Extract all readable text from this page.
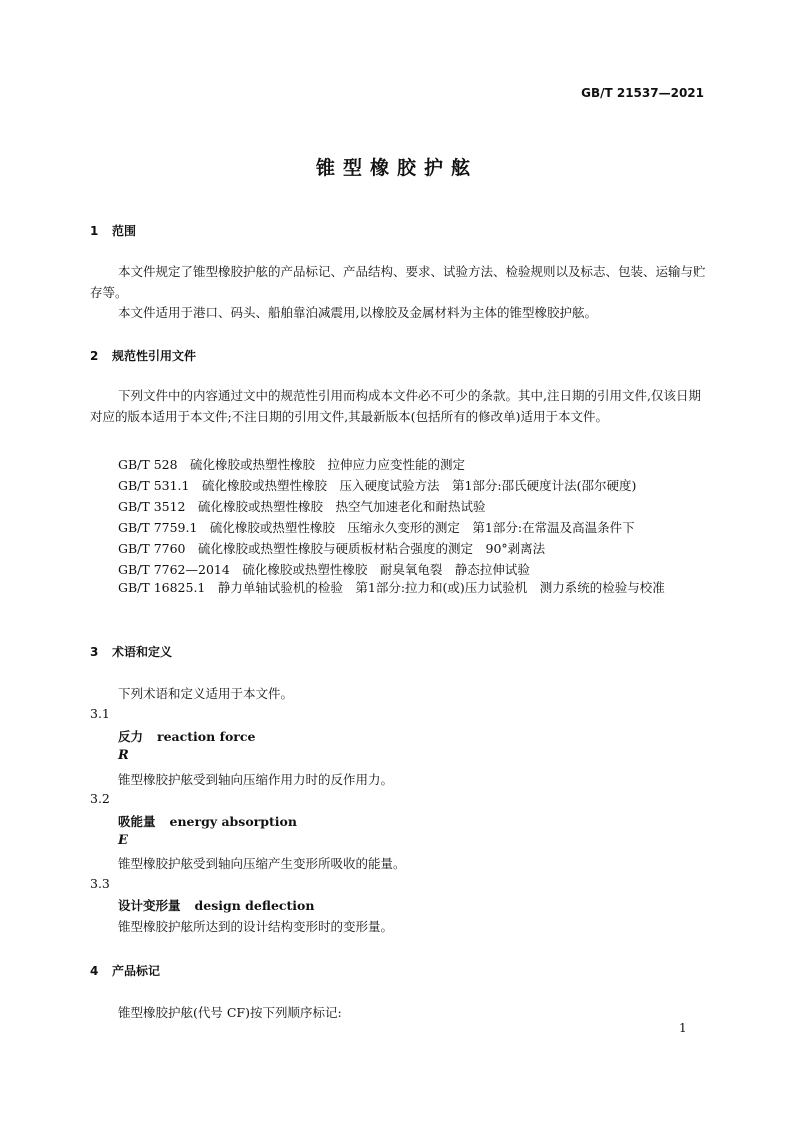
GB/T 21537—2021
锥型橡胶护舷
1 范围
本文件规定了锥型橡胶护舷的产品标记、产品结构、要求、试验方法、检验规则以及标志、包装、运输与贮存等。
本文件适用于港口、码头、船舶靠泊减震用,以橡胶及金属材料为主体的锥型橡胶护舷。
2 规范性引用文件
下列文件中的内容通过文中的规范性引用而构成本文件必不可少的条款。其中,注日期的引用文件,仅该日期对应的版本适用于本文件;不注日期的引用文件,其最新版本(包括所有的修改单)适用于本文件。
GB/T 528　硫化橡胶或热塑性橡胶　拉伸应力应变性能的测定
GB/T 531.1　硫化橡胶或热塑性橡胶　压入硬度试验方法　第1部分:邵氏硬度计法(邵尔硬度)
GB/T 3512　硫化橡胶或热塑性橡胶　热空气加速老化和耐热试验
GB/T 7759.1　硫化橡胶或热塑性橡胶　压缩永久变形的测定　第1部分:在常温及高温条件下
GB/T 7760　硫化橡胶或热塑性橡胶与硬质板材粘合强度的测定　90°剥离法
GB/T 7762—2014　硫化橡胶或热塑性橡胶　耐臭氧龟裂　静态拉伸试验
GB/T 16825.1　静力单轴试验机的检验　第1部分:拉力和(或)压力试验机　测力系统的检验与校准
3 术语和定义
下列术语和定义适用于本文件。
3.1
反力 reaction force
R
锥型橡胶护舷受到轴向压缩作用力时的反作用力。
3.2
吸能量 energy absorption
E
锥型橡胶护舷受到轴向压缩产生变形所吸收的能量。
3.3
设计变形量 design deflection
锥型橡胶护舷所达到的设计结构变形时的变形量。
4 产品标记
锥型橡胶护舷(代号 CF)按下列顺序标记:
1
